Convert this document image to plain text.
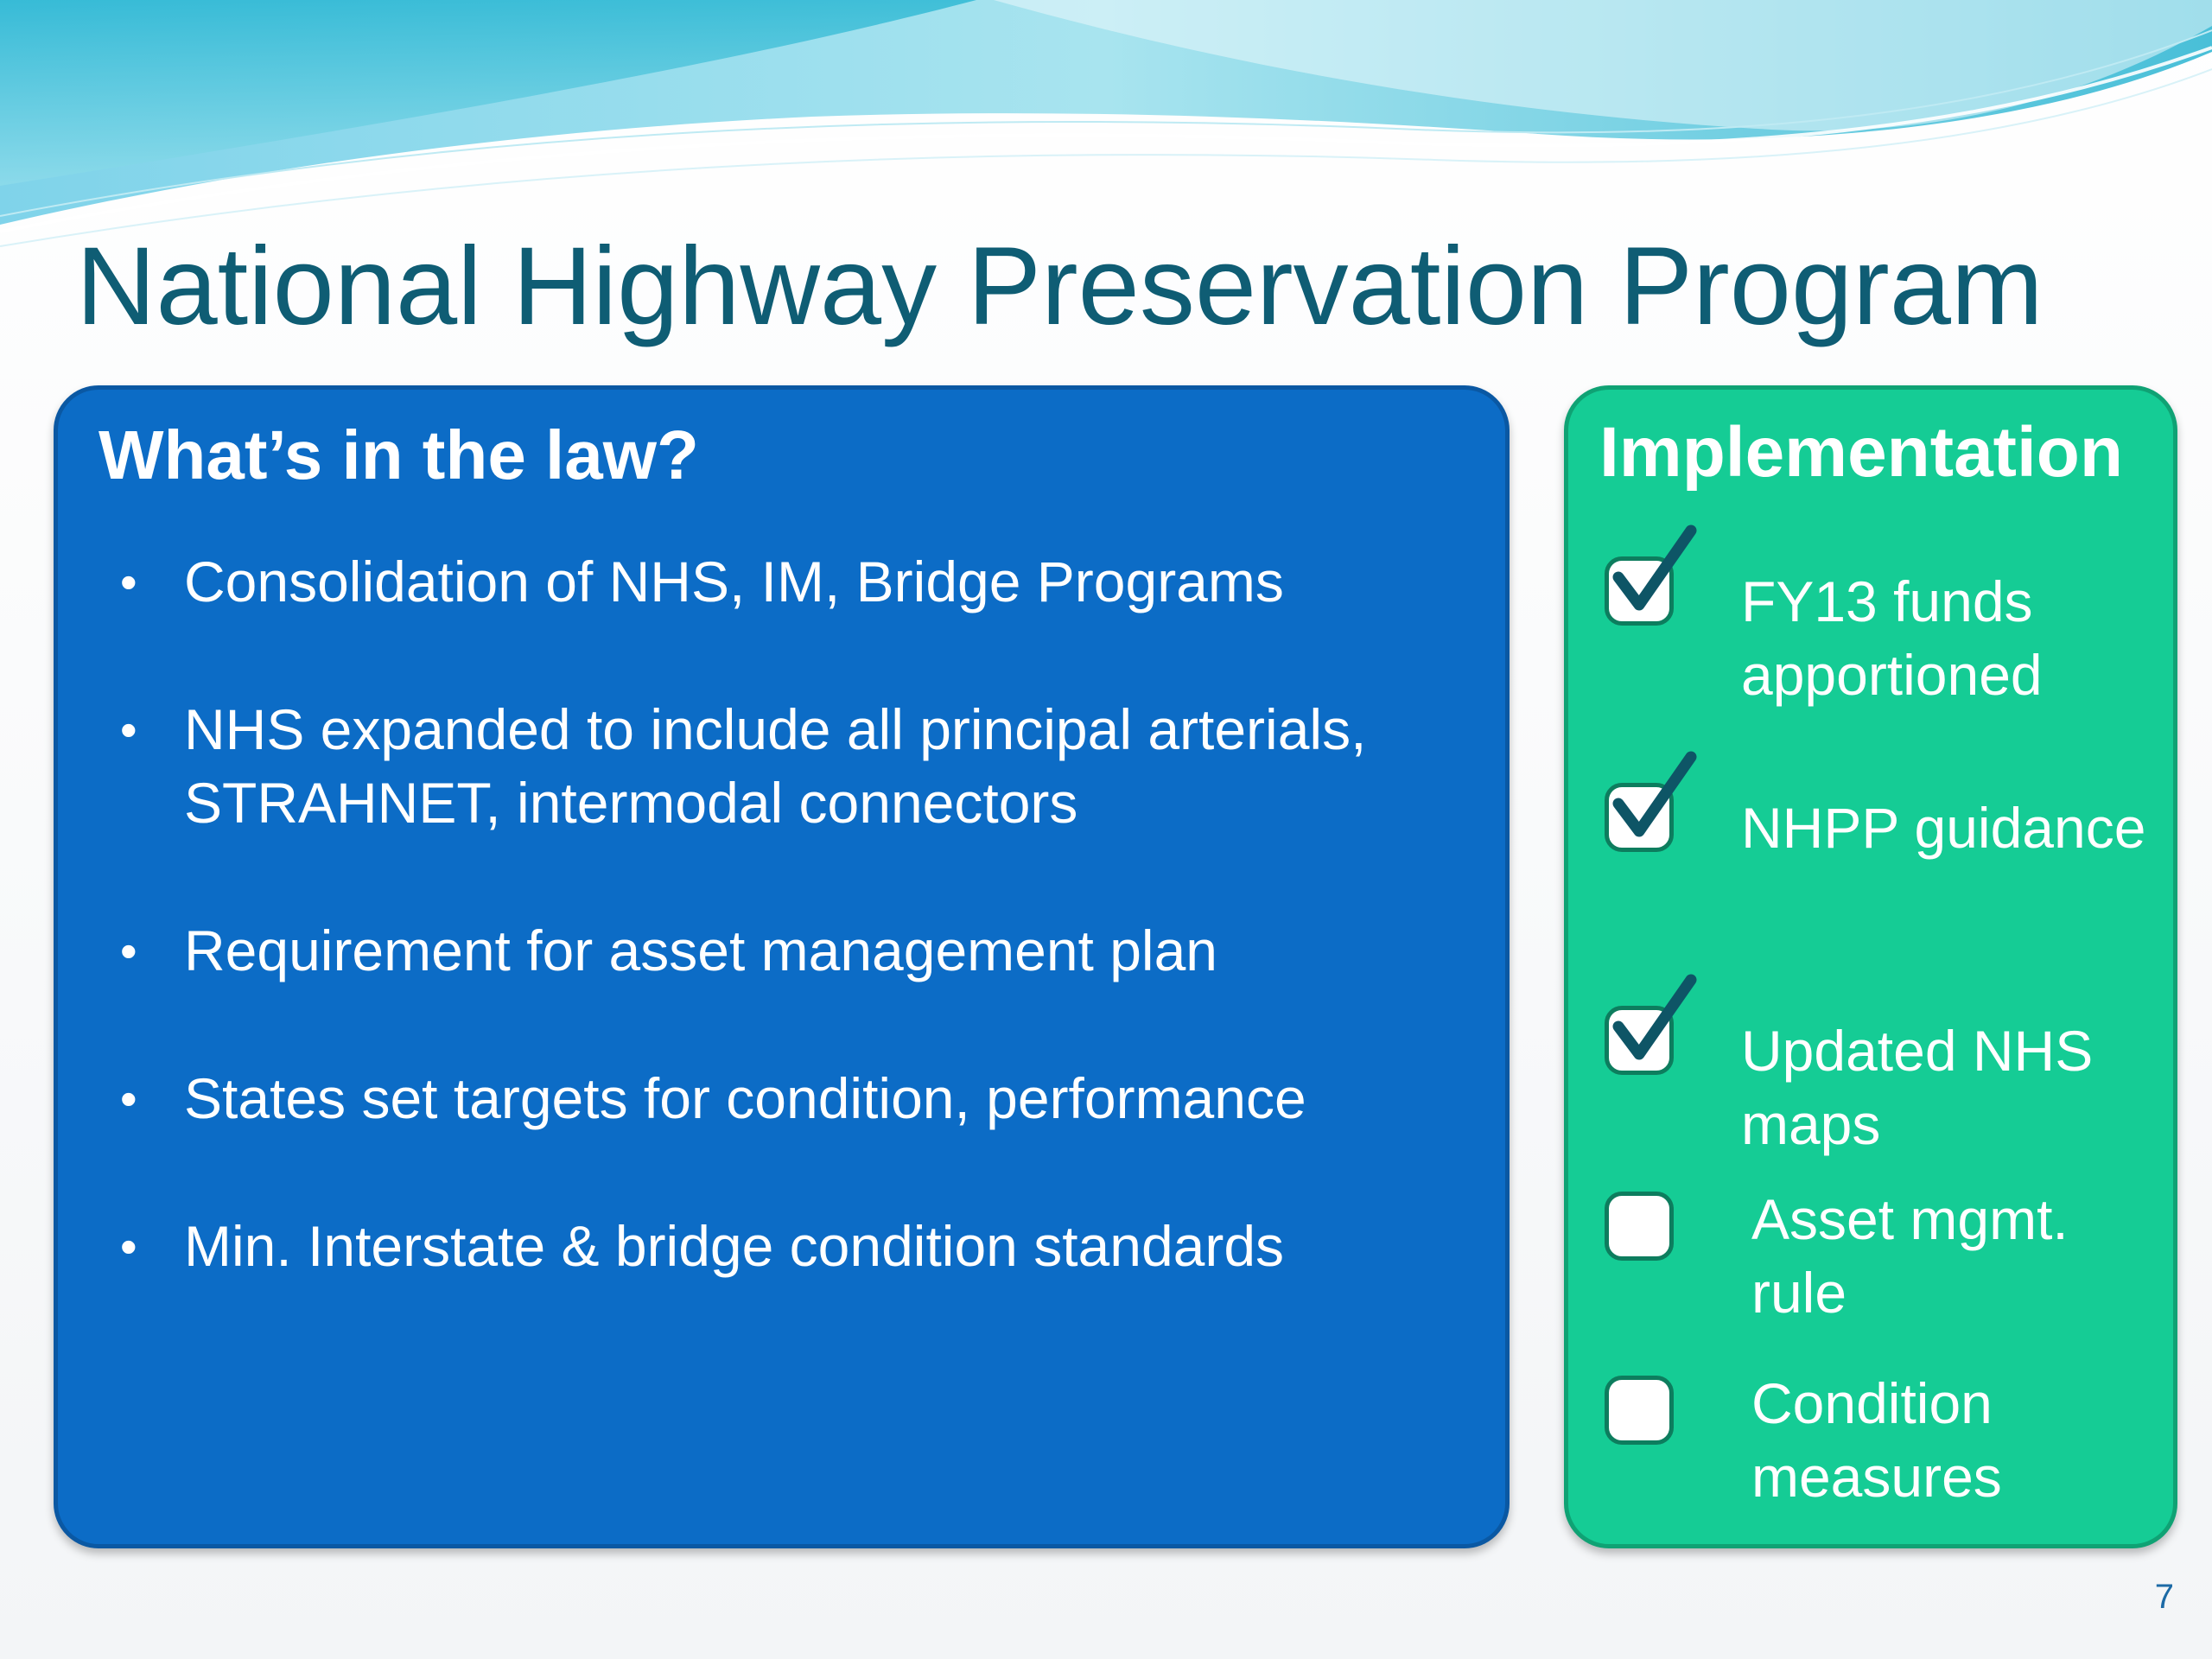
National Highway Preservation Program
What’s in the law?
• Consolidation of NHS, IM, Bridge Programs
• NHS expanded to include all principal arterials, STRAHNET, intermodal connectors
• Requirement for asset management plan
• States set targets for condition, performance
• Min. Interstate & bridge condition standards
Implementation
FY13 funds apportioned
NHPP guidance
Updated NHS maps
Asset mgmt. rule
Condition measures
7
